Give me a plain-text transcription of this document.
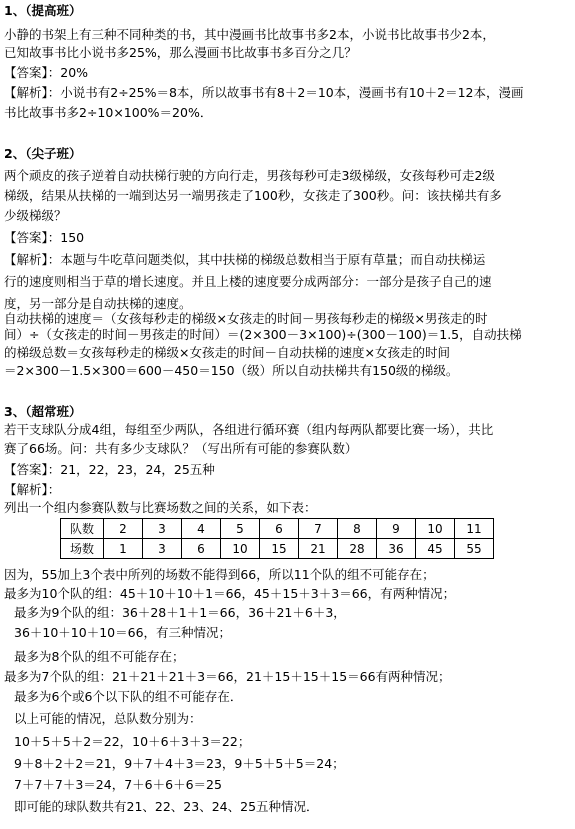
1、（提高班）
小静的书架上有三种不同种类的书，其中漫画书比故事书多2本，小说书比故事书少2本，
已知故事书比小说书多25%，那么漫画书比故事书多百分之几？
【答案】：20%
【解析】：小说书有2÷25%＝8本，所以故事书有8＋2＝10本，漫画书有10＋2＝12本，漫画
书比故事书多2÷10×100%＝20%．
2、（尖子班）
两个顽皮的孩子逆着自动扶梯行驶的方向行走，男孩每秒可走3级梯级，女孩每秒可走2级
梯级，结果从扶梯的一端到达另一端男孩走了100秒，女孩走了300秒。问：该扶梯共有多
少级梯级？
【答案】：150
【解析】：本题与牛吃草问题类似，其中扶梯的梯级总数相当于原有草量；而自动扶梯运
行的速度则相当于草的增长速度。并且上楼的速度要分成两部分：一部分是孩子自己的速
度，另一部分是自动扶梯的速度。
自动扶梯的速度＝（女孩每秒走的梯级×女孩走的时间－男孩每秒走的梯级×男孩走的时
间）÷（女孩走的时间－男孩走的时间）＝(2×300－3×100)÷(300－100)＝1.5，自动扶梯
的梯级总数＝女孩每秒走的梯级×女孩走的时间－自动扶梯的速度×女孩走的时间
＝2×300－1.5×300＝600－450＝150（级）所以自动扶梯共有150级的梯级。
3、（超常班）
若干支球队分成4组，每组至少两队，各组进行循环赛（组内每两队都要比赛一场），共比
赛了66场。问：共有多少支球队？（写出所有可能的参赛队数）
【答案】：21，22，23，24，25五种
【解析】：
列出一个组内参赛队数与比赛场数之间的关系，如下表：
队数	2	3	4	5	6	7	8	9	10	11
场数	1	3	6	10	15	21	28	36	45	55
因为，55加上3个表中所列的场数不能得到66，所以11个队的组不可能存在；
最多为10个队的组：45＋10＋10＋1＝66，45＋15＋3＋3＝66，有两种情况；
最多为9个队的组：36＋28＋1＋1＝66，36＋21＋6＋3，
36＋10＋10＋10＝66，有三种情况；
最多为8个队的组不可能存在；
最多为7个队的组：21＋21＋21＋3＝66，21＋15＋15＋15＝66有两种情况；
最多为6个或6个以下队的组不可能存在．
以上可能的情况，总队数分别为：
10＋5＋5＋2＝22，10＋6＋3＋3＝22；
9＋8＋2＋2＝21，9＋7＋4＋3＝23，9＋5＋5＋5＝24；
7＋7＋7＋3＝24，7＋6＋6＋6＝25
即可能的球队数共有21、22、23、24、25五种情况．
